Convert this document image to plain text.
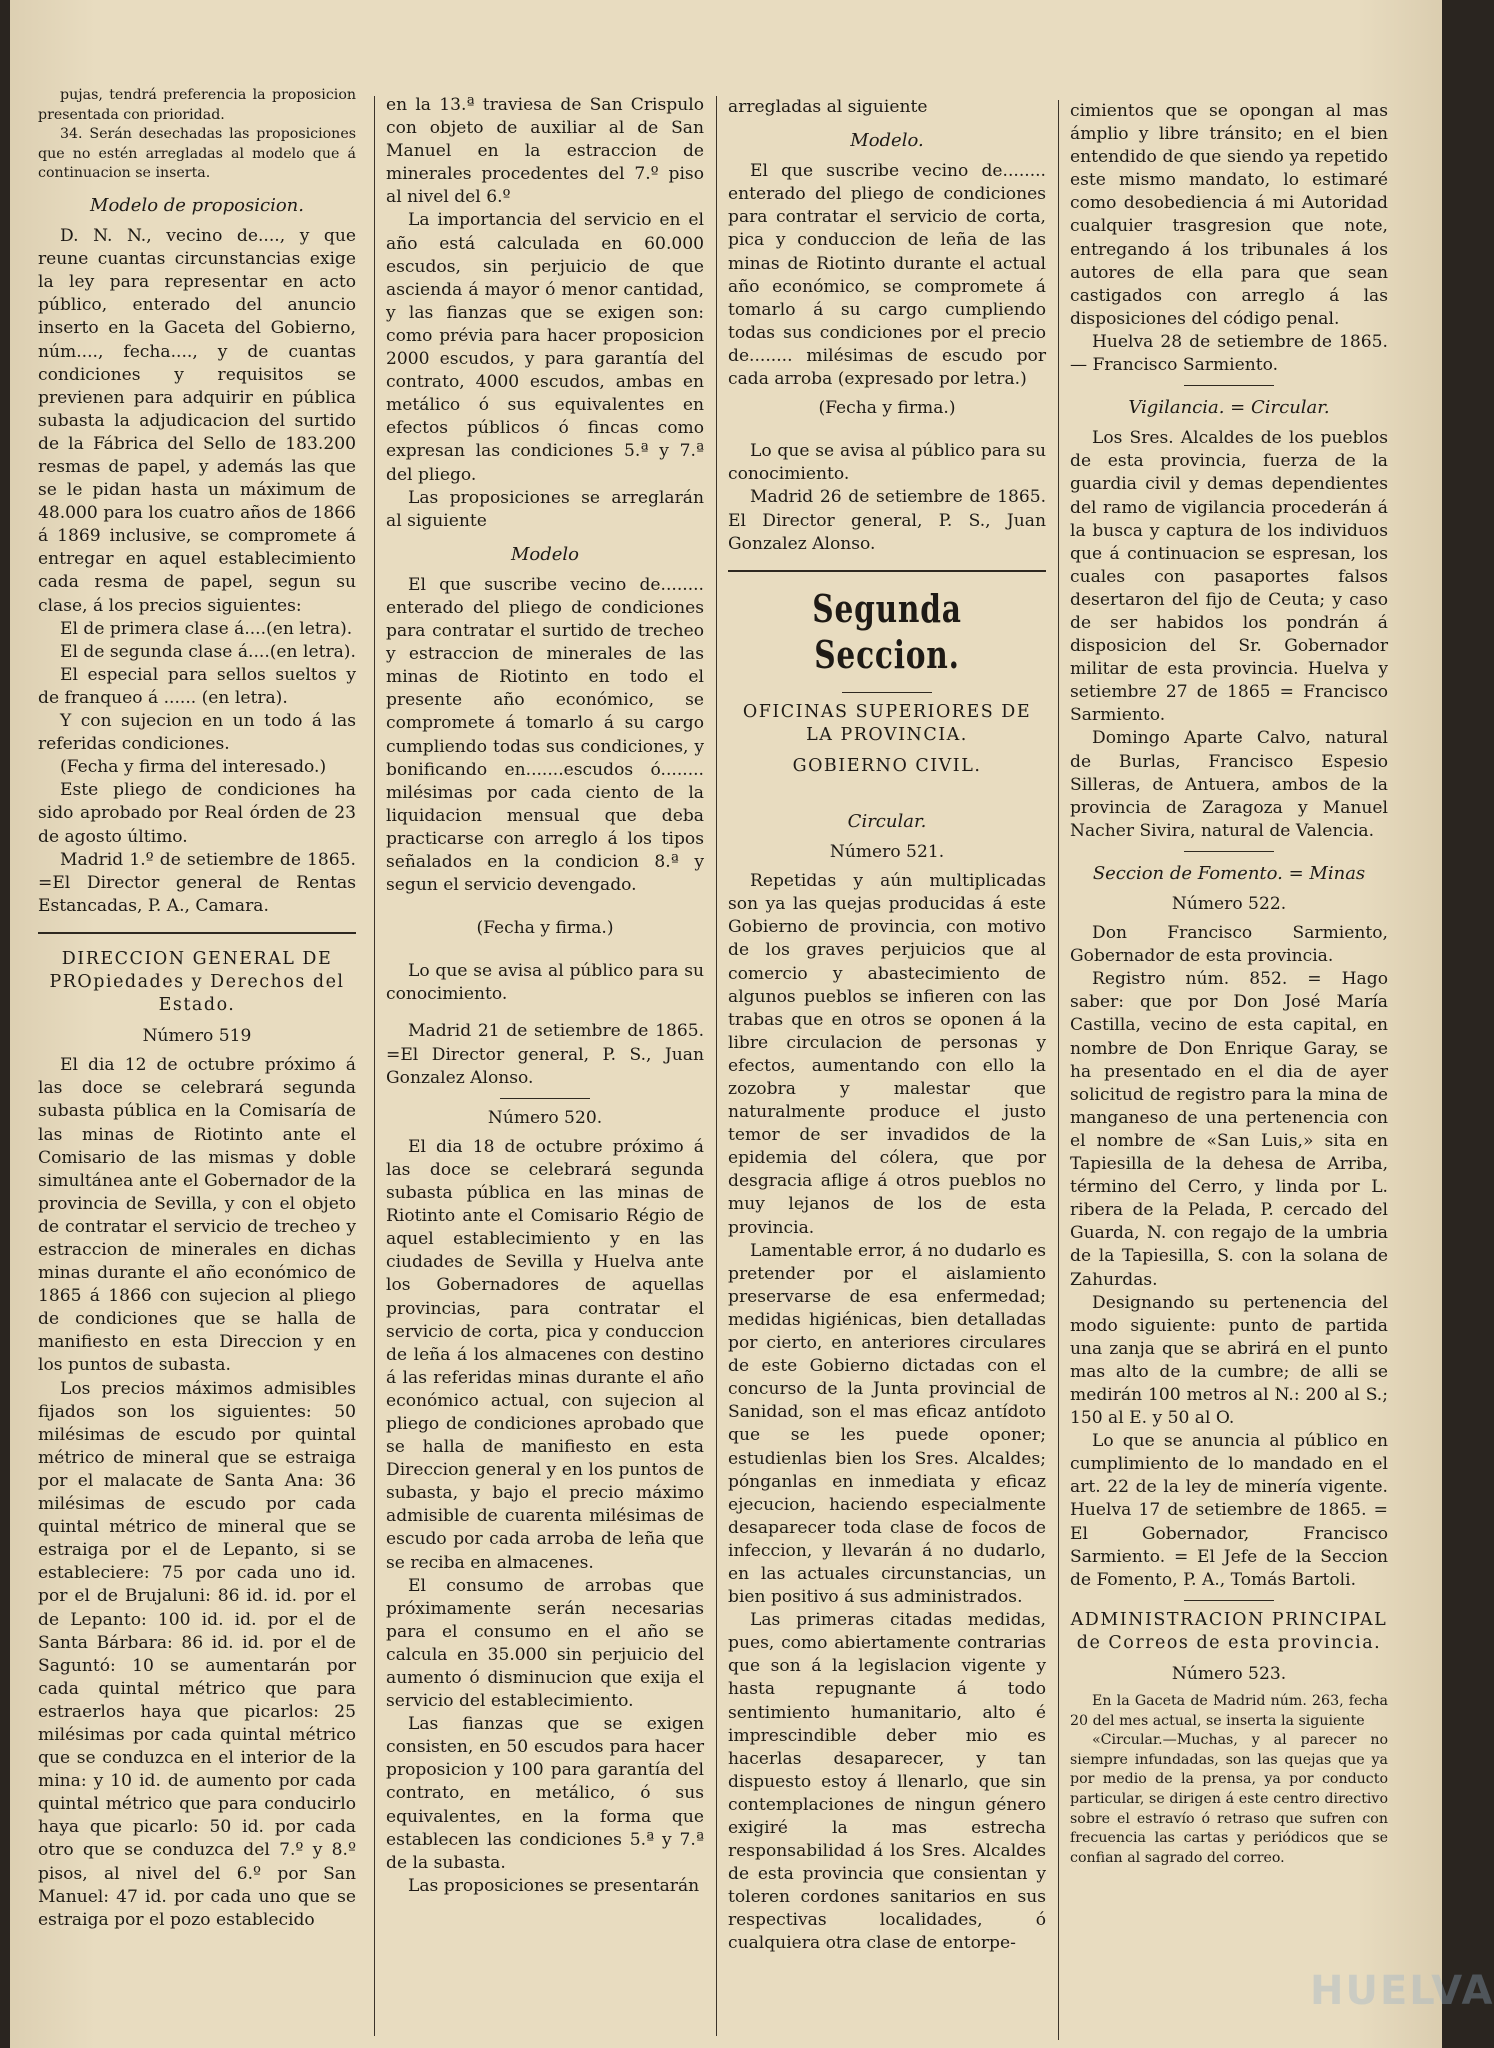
pujas, tendrá preferencia la proposicion presentada con prioridad.

34. Serán desechadas las proposiciones que no estén arregladas al modelo que á continuacion se inserta.

Modelo de proposicion.

D. N. N., vecino de...., y que reune cuantas circunstancias exige la ley para representar en acto público, enterado del anuncio inserto en la Gaceta del Gobierno, núm...., fecha...., y de cuantas condiciones y requisitos se previenen para adquirir en pública subasta la adjudicacion del surtido de la Fábrica del Sello de 183.200 resmas de papel, y además las que se le pidan hasta un máximum de 48.000 para los cuatro años de 1866 á 1869 inclusive, se compromete á entregar en aquel establecimiento cada resma de papel, segun su clase, á los precios siguientes:

El de primera clase á....(en letra).

El de segunda clase á....(en letra).

El especial para sellos sueltos y de franqueo á ...... (en letra).

Y con sujecion en un todo á las referidas condiciones.

(Fecha y firma del interesado.)

Este pliego de condiciones ha sido aprobado por Real órden de 23 de agosto último.

Madrid 1.º de setiembre de 1865. =El Director general de Rentas Estancadas, P. A., Camara.

DIRECCION GENERAL DE PROpiedades y Derechos del Estado.

Número 519

El dia 12 de octubre próximo á las doce se celebrará segunda subasta pública en la Comisaría de las minas de Riotinto ante el Comisario de las mismas y doble simultánea ante el Gobernador de la provincia de Sevilla, y con el objeto de contratar el servicio de trecheo y estraccion de minerales en dichas minas durante el año económico de 1865 á 1866 con sujecion al pliego de condiciones que se halla de manifiesto en esta Direccion y en los puntos de subasta.

Los precios máximos admisibles fijados son los siguientes: 50 milésimas de escudo por quintal métrico de mineral que se estraiga por el malacate de Santa Ana: 36 milésimas de escudo por cada quintal métrico de mineral que se estraiga por el de Lepanto, si se estableciere: 75 por cada uno id. por el de Brujaluni: 86 id. id. por el de Lepanto: 100 id. id. por el de Santa Bárbara: 86 id. id. por el de Saguntó: 10 se aumentarán por cada quintal métrico que para estraerlos haya que picarlos: 25 milésimas por cada quintal métrico que se conduzca en el interior de la mina: y 10 id. de aumento por cada quintal métrico que para conducirlo haya que picarlo: 50 id. por cada otro que se conduzca del 7.º y 8.º pisos, al nivel del 6.º por San Manuel: 47 id. por cada uno que se estraiga por el pozo establecido

en la 13.ª traviesa de San Crispulo con objeto de auxiliar al de San Manuel en la estraccion de minerales procedentes del 7.º piso al nivel del 6.º

La importancia del servicio en el año está calculada en 60.000 escudos, sin perjuicio de que ascienda á mayor ó menor cantidad, y las fianzas que se exigen son: como prévia para hacer proposicion 2000 escudos, y para garantía del contrato, 4000 escudos, ambas en metálico ó sus equivalentes en efectos públicos ó fincas como expresan las condiciones 5.ª y 7.ª del pliego.

Las proposiciones se arreglarán al siguiente

Modelo

El que suscribe vecino de........ enterado del pliego de condiciones para contratar el surtido de trecheo y estraccion de minerales de las minas de Riotinto en todo el presente año económico, se compromete á tomarlo á su cargo cumpliendo todas sus condiciones, y bonificando en.......escudos ó........ milésimas por cada ciento de la liquidacion mensual que deba practicarse con arreglo á los tipos señalados en la condicion 8.ª y segun el servicio devengado.

(Fecha y firma.)

Lo que se avisa al público para su conocimiento.

Madrid 21 de setiembre de 1865. =El Director general, P. S., Juan Gonzalez Alonso.

Número 520.

El dia 18 de octubre próximo á las doce se celebrará segunda subasta pública en las minas de Riotinto ante el Comisario Régio de aquel establecimiento y en las ciudades de Sevilla y Huelva ante los Gobernadores de aquellas provincias, para contratar el servicio de corta, pica y conduccion de leña á los almacenes con destino á las referidas minas durante el año económico actual, con sujecion al pliego de condiciones aprobado que se halla de manifiesto en esta Direccion general y en los puntos de subasta, y bajo el precio máximo admisible de cuarenta milésimas de escudo por cada arroba de leña que se reciba en almacenes.

El consumo de arrobas que próximamente serán necesarias para el consumo en el año se calcula en 35.000 sin perjuicio del aumento ó disminucion que exija el servicio del establecimiento.

Las fianzas que se exigen consisten, en 50 escudos para hacer proposicion y 100 para garantía del contrato, en metálico, ó sus equivalentes, en la forma que establecen las condiciones 5.ª y 7.ª de la subasta.

Las proposiciones se presentarán

arregladas al siguiente

Modelo.

El que suscribe vecino de........ enterado del pliego de condiciones para contratar el servicio de corta, pica y conduccion de leña de las minas de Riotinto durante el actual año económico, se compromete á tomarlo á su cargo cumpliendo todas sus condiciones por el precio de........ milésimas de escudo por cada arroba (expresado por letra.)

(Fecha y firma.)

Lo que se avisa al público para su conocimiento.

Madrid 26 de setiembre de 1865. El Director general, P. S., Juan Gonzalez Alonso.

Segunda Seccion.

OFICINAS SUPERIORES DE LA PROVINCIA.

GOBIERNO CIVIL.

Circular.

Número 521.

Repetidas y aún multiplicadas son ya las quejas producidas á este Gobierno de provincia, con motivo de los graves perjuicios que al comercio y abastecimiento de algunos pueblos se infieren con las trabas que en otros se oponen á la libre circulacion de personas y efectos, aumentando con ello la zozobra y malestar que naturalmente produce el justo temor de ser invadidos de la epidemia del cólera, que por desgracia aflige á otros pueblos no muy lejanos de los de esta provincia.

Lamentable error, á no dudarlo es pretender por el aislamiento preservarse de esa enfermedad; medidas higiénicas, bien detalladas por cierto, en anteriores circulares de este Gobierno dictadas con el concurso de la Junta provincial de Sanidad, son el mas eficaz antídoto que se les puede oponer; estudienlas bien los Sres. Alcaldes; pónganlas en inmediata y eficaz ejecucion, haciendo especialmente desaparecer toda clase de focos de infeccion, y llevarán á no dudarlo, en las actuales circunstancias, un bien positivo á sus administrados.

Las primeras citadas medidas, pues, como abiertamente contrarias que son á la legislacion vigente y hasta repugnante á todo sentimiento humanitario, alto é imprescindible deber mio es hacerlas desaparecer, y tan dispuesto estoy á llenarlo, que sin contemplaciones de ningun género exigiré la mas estrecha responsabilidad á los Sres. Alcaldes de esta provincia que consientan y toleren cordones sanitarios en sus respectivas localidades, ó cualquiera otra clase de entorpe-

cimientos que se opongan al mas ámplio y libre tránsito; en el bien entendido de que siendo ya repetido este mismo mandato, lo estimaré como desobediencia á mi Autoridad cualquier trasgresion que note, entregando á los tribunales á los autores de ella para que sean castigados con arreglo á las disposiciones del código penal.

Huelva 28 de setiembre de 1865. — Francisco Sarmiento.

Vigilancia. = Circular.

Los Sres. Alcaldes de los pueblos de esta provincia, fuerza de la guardia civil y demas dependientes del ramo de vigilancia procederán á la busca y captura de los individuos que á continuacion se espresan, los cuales con pasaportes falsos desertaron del fijo de Ceuta; y caso de ser habidos los pondrán á disposicion del Sr. Gobernador militar de esta provincia. Huelva y setiembre 27 de 1865 = Francisco Sarmiento.

Domingo Aparte Calvo, natural de Burlas, Francisco Espesio Silleras, de Antuera, ambos de la provincia de Zaragoza y Manuel Nacher Sivira, natural de Valencia.

Seccion de Fomento. = Minas

Número 522.

Don Francisco Sarmiento, Gobernador de esta provincia.

Registro núm. 852. = Hago saber: que por Don José María Castilla, vecino de esta capital, en nombre de Don Enrique Garay, se ha presentado en el dia de ayer solicitud de registro para la mina de manganeso de una pertenencia con el nombre de «San Luis,» sita en Tapiesilla de la dehesa de Arriba, término del Cerro, y linda por L. ribera de la Pelada, P. cercado del Guarda, N. con regajo de la umbria de la Tapiesilla, S. con la solana de Zahurdas.

Designando su pertenencia del modo siguiente: punto de partida una zanja que se abrirá en el punto mas alto de la cumbre; de alli se medirán 100 metros al N.: 200 al S.; 150 al E. y 50 al O.

Lo que se anuncia al público en cumplimiento de lo mandado en el art. 22 de la ley de minería vigente. Huelva 17 de setiembre de 1865. = El Gobernador, Francisco Sarmiento. = El Jefe de la Seccion de Fomento, P. A., Tomás Bartoli.

ADMINISTRACION PRINCIPAL de Correos de esta provincia.

Número 523.

En la Gaceta de Madrid núm. 263, fecha 20 del mes actual, se inserta la siguiente

«Circular.—Muchas, y al parecer no siempre infundadas, son las quejas que ya por medio de la prensa, ya por conducto particular, se dirigen á este centro directivo sobre el estravío ó retraso que sufren con frecuencia las cartas y periódicos que se confian al sagrado del correo.

HUELVA
